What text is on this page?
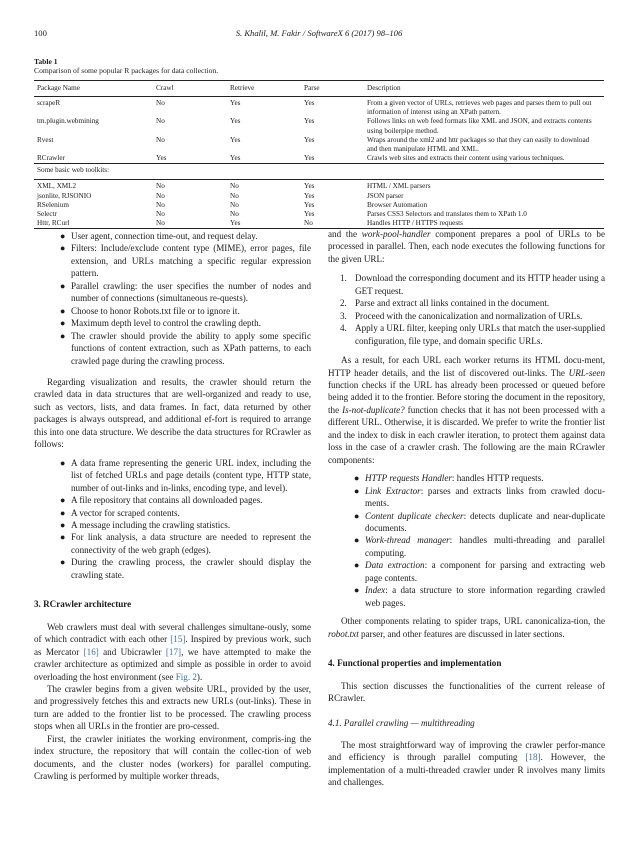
100	S. Khalil, M. Fakir / SoftwareX 6 (2017) 98–106
Table 1
Comparison of some popular R packages for data collection.
Package Name	Crawl	Retrieve	Parse	Description
scrapeR	No	Yes	Yes	From a given vector of URLs, retrieves web pages and parses them to pull out information of interest using an XPath pattern.
tm.plugin.webmining	No	Yes	Yes	Follows links on web feed formats like XML and JSON, and extracts contents using boilerpipe method.
Rvest	No	Yes	Yes	Wraps around the xml2 and httr packages so that they can easily to download and then manipulate HTML and XML.
RCrawler	Yes	Yes	Yes	Crawls web sites and extracts their content using various techniques.
Some basic web toolkits:				
XML, XML2	No	No	Yes	HTML / XML parsers
jsonlite, RJSONIO	No	No	Yes	JSON parser
RSelenium	No	No	Yes	Browser Automation
Selectr	No	No	Yes	Parses CSS3 Selectors and translates them to XPath 1.0
Httr, RCurl	No	Yes	No	Handles HTTP / HTTPS requests
● User agent, connection time-out, and request delay.
● Filters: Include/exclude content type (MIME), error pages, file extension, and URLs matching a specific regular expression pattern.
● Parallel crawling: the user specifies the number of nodes and number of connections (simultaneous re-quests).
● Choose to honor Robots.txt file or to ignore it.
● Maximum depth level to control the crawling depth.
● The crawler should provide the ability to apply some specific functions of content extraction, such as XPath patterns, to each crawled page during the crawling process.

Regarding visualization and results, the crawler should return the crawled data in data structures that are well-organized and ready to use, such as vectors, lists, and data frames. In fact, data returned by other packages is always outspread, and additional ef-fort is required to arrange this into one data structure. We describe the data structures for RCrawler as follows:

● A data frame representing the generic URL index, including the list of fetched URLs and page details (content type, HTTP state, number of out-links and in-links, encoding type, and level).
● A file repository that contains all downloaded pages.
● A vector for scraped contents.
● A message including the crawling statistics.
● For link analysis, a data structure are needed to represent the connectivity of the web graph (edges).
● During the crawling process, the crawler should display the crawling state.
3. RCrawler architecture

Web crawlers must deal with several challenges simultane-ously, some of which contradict with each other [15]. Inspired by previous work, such as Mercator [16] and Ubicrawler [17], we have attempted to make the crawler architecture as optimized and simple as possible in order to avoid overloading the host environment (see Fig. 2).

The crawler begins from a given website URL, provided by the user, and progressively fetches this and extracts new URLs (out-links). These in turn are added to the frontier list to be processed. The crawling process stops when all URLs in the frontier are pro-cessed.

First, the crawler initiates the working environment, compris-ing the index structure, the repository that will contain the collec-tion of web documents, and the cluster nodes (workers) for parallel computing. Crawling is performed by multiple worker threads,

and the work-pool-handler component prepares a pool of URLs to be processed in parallel. Then, each node executes the following functions for the given URL:

1. Download the corresponding document and its HTTP header using a GET request.
2. Parse and extract all links contained in the document.
3. Proceed with the canonicalization and normalization of URLs.
4. Apply a URL filter, keeping only URLs that match the user-supplied configuration, file type, and domain specific URLs.

As a result, for each URL each worker returns its HTML docu-ment, HTTP header details, and the list of discovered out-links. The URL-seen function checks if the URL has already been processed or queued before being added it to the frontier. Before storing the document in the repository, the Is-not-duplicate? function checks that it has not been processed with a different URL. Otherwise, it is discarded. We prefer to write the frontier list and the index to disk in each crawler iteration, to protect them against data loss in the case of a crawler crash. The following are the main RCrawler components:

● HTTP requests Handler: handles HTTP requests.
● Link Extractor: parses and extracts links from crawled docu-ments.
● Content duplicate checker: detects duplicate and near-duplicate documents.
● Work-thread manager: handles multi-threading and parallel computing.
● Data extraction: a component for parsing and extracting web page contents.
● Index: a data structure to store information regarding crawled web pages.

Other components relating to spider traps, URL canonicaliza-tion, the robot.txt parser, and other features are discussed in later sections.

4. Functional properties and implementation

This section discusses the functionalities of the current release of RCrawler.

4.1. Parallel crawling — multithreading

The most straightforward way of improving the crawler perfor-mance and efficiency is through parallel computing [18]. However, the implementation of a multi-threaded crawler under R involves many limits and challenges.
